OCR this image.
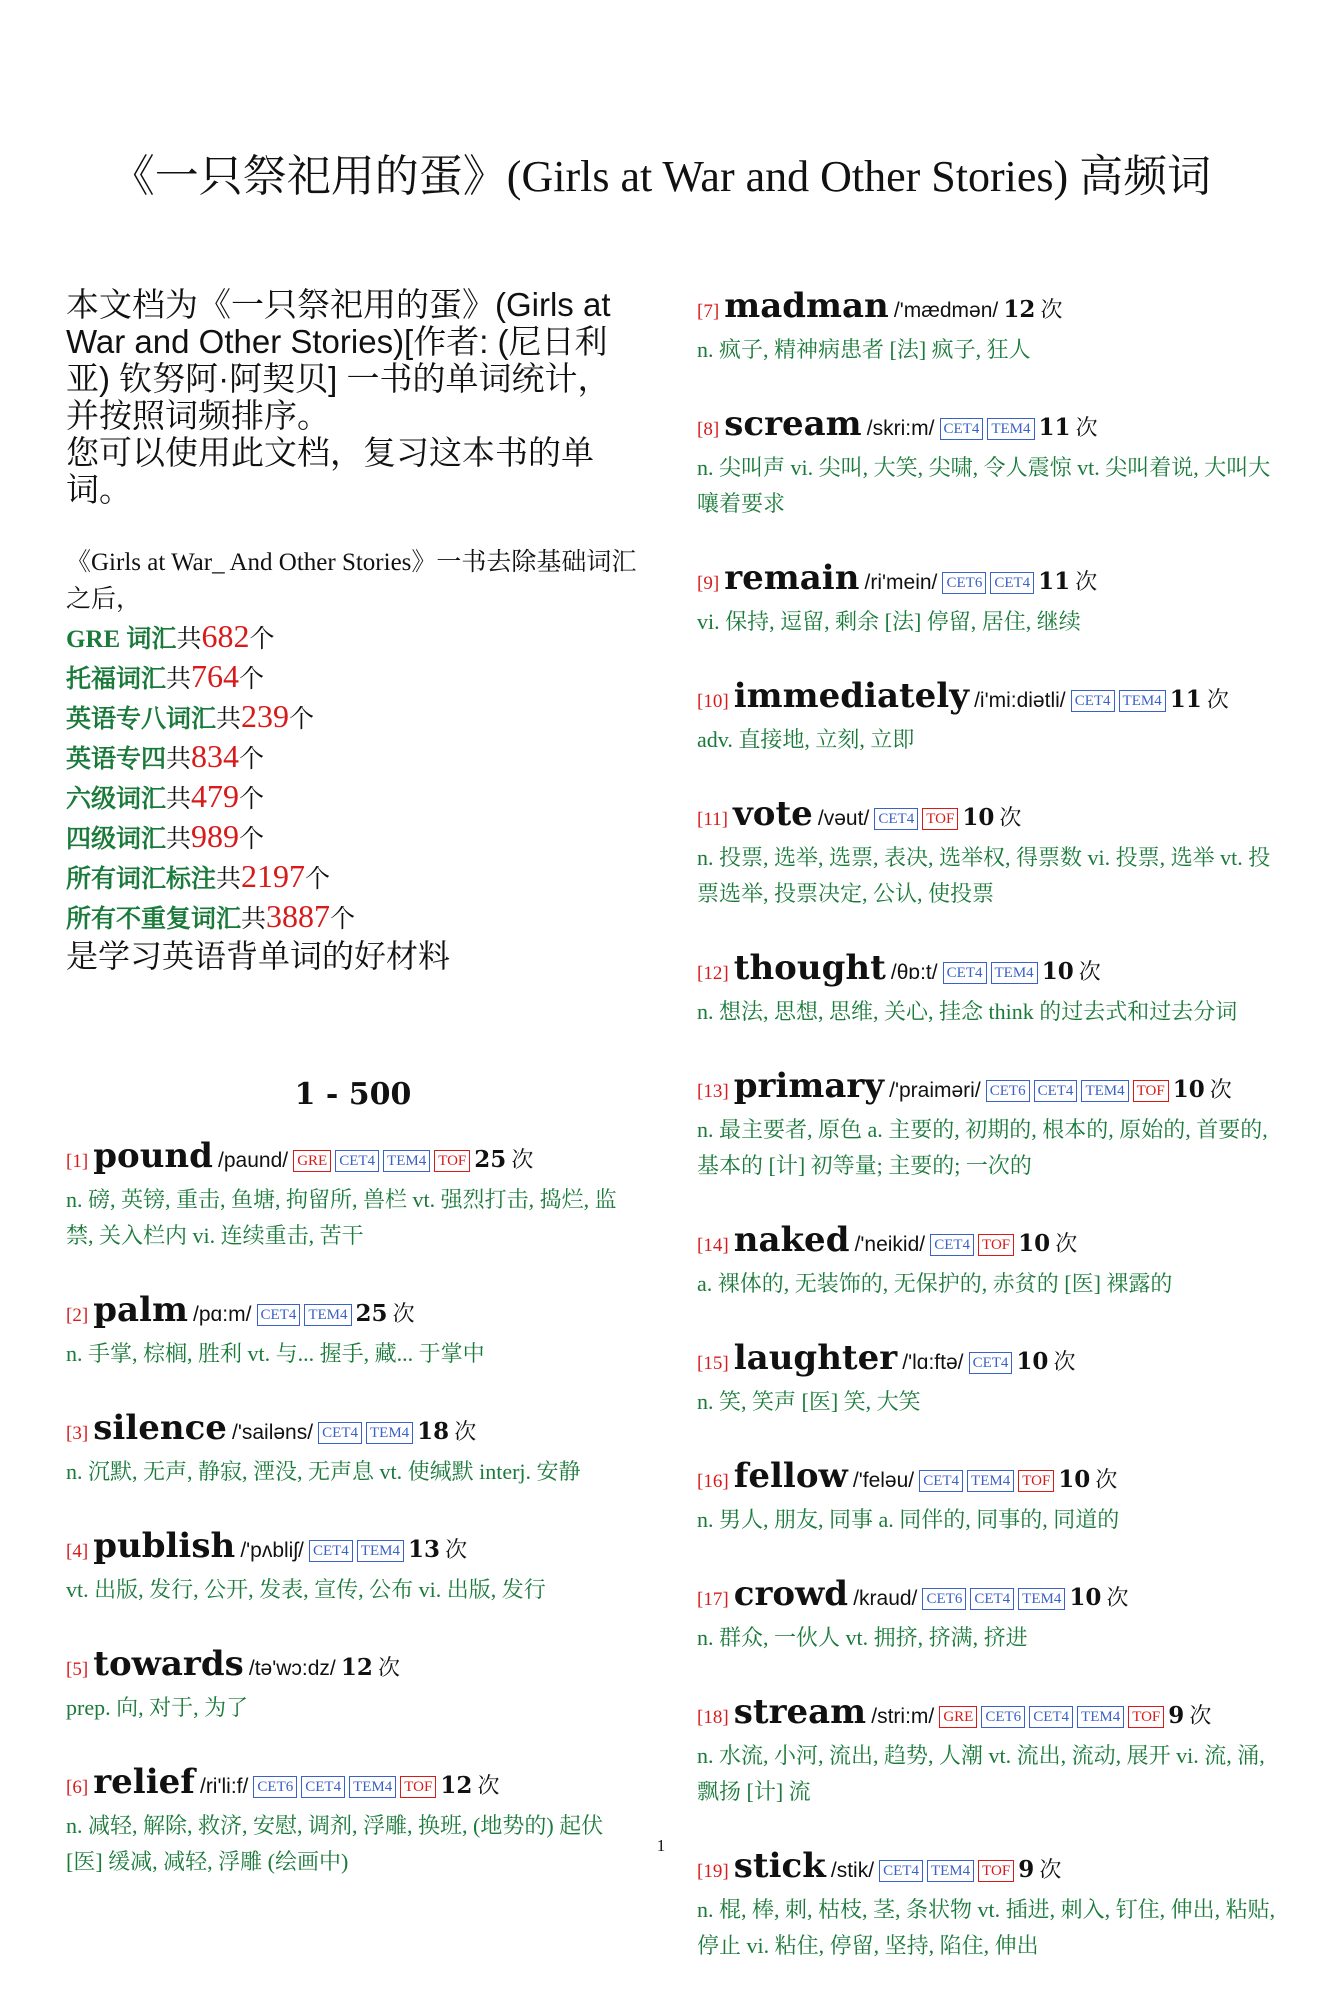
《一只祭祀用的蛋》(Girls at War and Other Stories) 高频词

本文档为《一只祭祀用的蛋》(Girls at War and Other Stories)[作者: (尼日利亚) 钦努阿·阿契贝] 一书的单词统计，并按照词频排序。

您可以使用此文档，复习这本书的单词。

《Girls at War_ And Other Stories》一书去除基础词汇之后，
GRE 词汇共682个
托福词汇共764个
英语专八词汇共239个
英语专四共834个
六级词汇共479个
四级词汇共989个
所有词汇标注共2197个
所有不重复词汇共3887个
是学习英语背单词的好材料
1 - 500
[1] pound /paund/ GRE CET4 TEM4 TOF 25 次
n. 磅, 英镑, 重击, 鱼塘, 拘留所, 兽栏 vt. 强烈打击, 捣烂, 监禁, 关入栏内 vi. 连续重击, 苦干
[2] palm /pɑ:m/ CET4 TEM4 25 次
n. 手掌, 棕榈, 胜利 vt. 与... 握手, 藏... 于掌中
[3] silence /'sailəns/ CET4 TEM4 18 次
n. 沉默, 无声, 静寂, 湮没, 无声息 vt. 使缄默 interj. 安静
[4] publish /'pʌbliʃ/ CET4 TEM4 13 次
vt. 出版, 发行, 公开, 发表, 宣传, 公布 vi. 出版, 发行
[5] towards /tə'wɔ:dz/ 12 次
prep. 向, 对于, 为了
[6] relief /ri'li:f/ CET6 CET4 TEM4 TOF 12 次
n. 减轻, 解除, 救济, 安慰, 调剂, 浮雕, 换班, (地势的) 起伏 [医] 缓减, 减轻, 浮雕 (绘画中)
[7] madman /'mædmən/ 12 次
n. 疯子, 精神病患者 [法] 疯子, 狂人
[8] scream /skri:m/ CET4 TEM4 11 次
n. 尖叫声 vi. 尖叫, 大笑, 尖啸, 令人震惊 vt. 尖叫着说, 大叫大嚷着要求
[9] remain /ri'mein/ CET6 CET4 11 次
vi. 保持, 逗留, 剩余 [法] 停留, 居住, 继续
[10] immediately /i'mi:diətli/ CET4 TEM4 11 次
adv. 直接地, 立刻, 立即
[11] vote /vəut/ CET4 TOF 10 次
n. 投票, 选举, 选票, 表决, 选举权, 得票数 vi. 投票, 选举 vt. 投票选举, 投票决定, 公认, 使投票
[12] thought /θɒ:t/ CET4 TEM4 10 次
n. 想法, 思想, 思维, 关心, 挂念 think 的过去式和过去分词
[13] primary /'praiməri/ CET6 CET4 TEM4 TOF 10 次
n. 最主要者, 原色 a. 主要的, 初期的, 根本的, 原始的, 首要的, 基本的 [计] 初等量; 主要的; 一次的
[14] naked /'neikid/ CET4 TOF 10 次
a. 裸体的, 无装饰的, 无保护的, 赤贫的 [医] 裸露的
[15] laughter /'lɑ:ftə/ CET4 10 次
n. 笑, 笑声 [医] 笑, 大笑
[16] fellow /'feləu/ CET4 TEM4 TOF 10 次
n. 男人, 朋友, 同事 a. 同伴的, 同事的, 同道的
[17] crowd /kraud/ CET6 CET4 TEM4 10 次
n. 群众, 一伙人 vt. 拥挤, 挤满, 挤进
[18] stream /stri:m/ GRE CET6 CET4 TEM4 TOF 9 次
n. 水流, 小河, 流出, 趋势, 人潮 vt. 流出, 流动, 展开 vi. 流, 涌, 飘扬 [计] 流
[19] stick /stik/ CET4 TEM4 TOF 9 次
n. 棍, 棒, 刺, 枯枝, 茎, 条状物 vt. 插进, 刺入, 钉住, 伸出, 粘贴, 停止 vi. 粘住, 停留, 坚持, 陷住, 伸出
1
